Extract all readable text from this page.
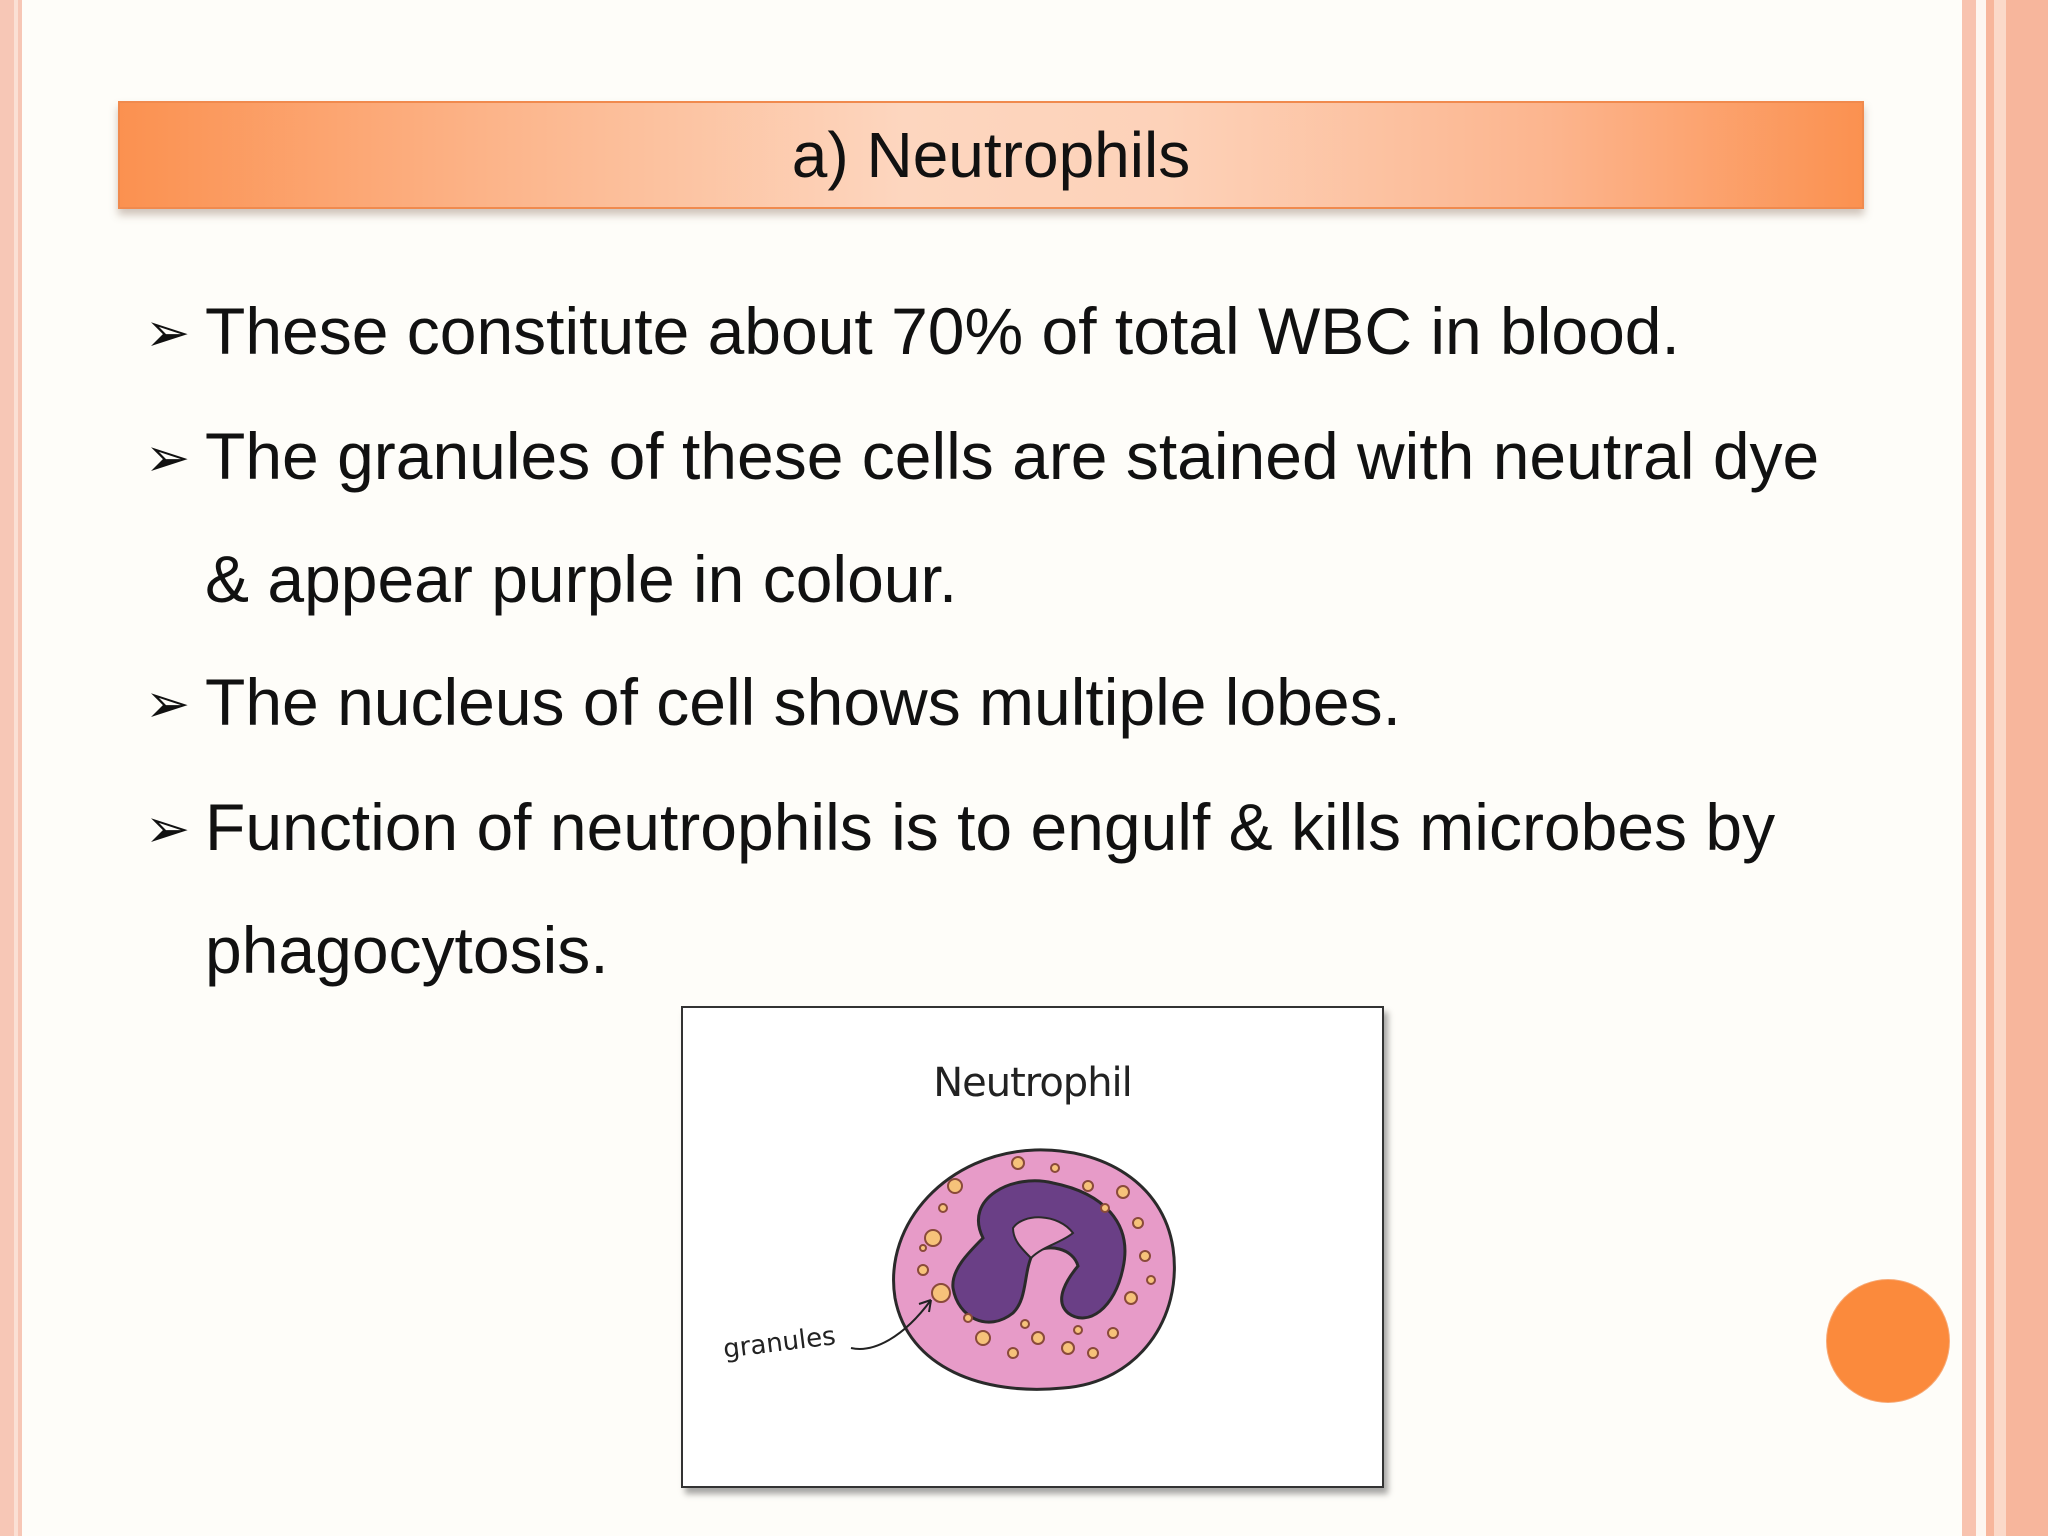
a) Neutrophils
➢ These constitute about 70% of total WBC in blood.
➢ The granules of these cells are stained with neutral dye & appear purple in colour.
➢ The nucleus of cell shows multiple lobes.
➢ Function of neutrophils is to engulf & kills microbes by phagocytosis.
Neutrophil
granules
